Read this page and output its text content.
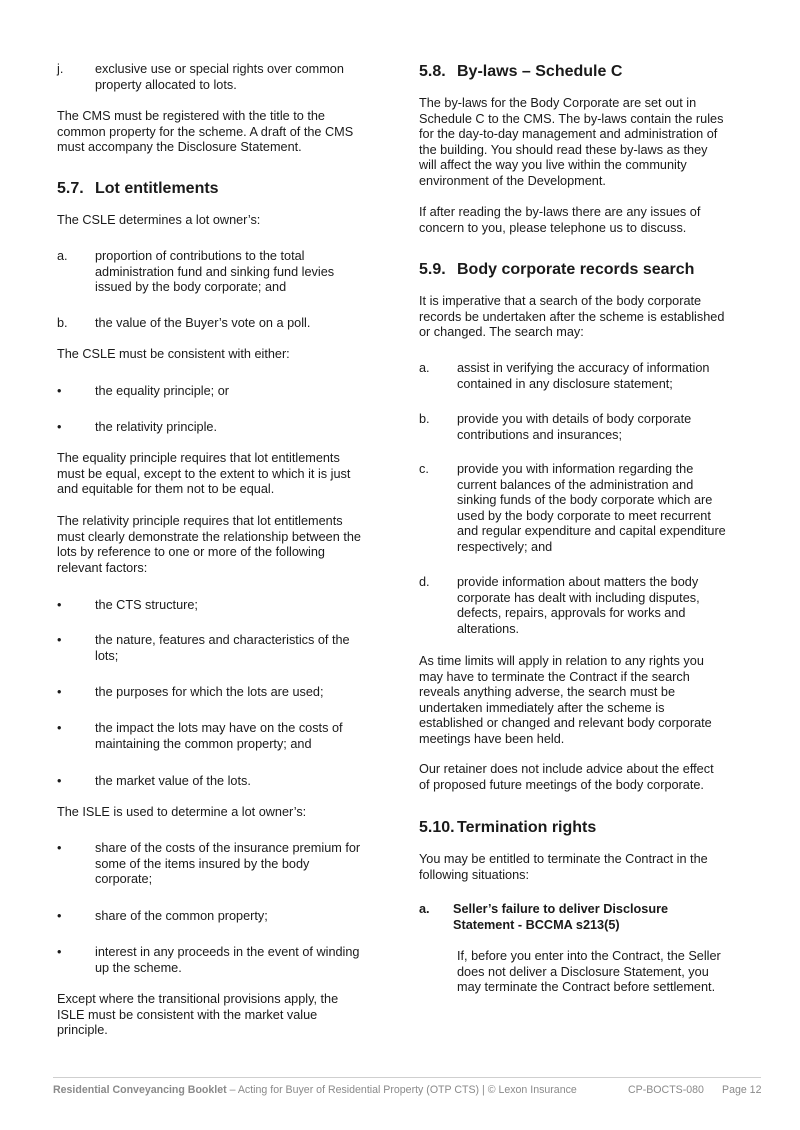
j. exclusive use or special rights over common
property allocated to lots.

The CMS must be registered with the title to the
common property for the scheme. A draft of the CMS
must accompany the Disclosure Statement.

5.7. Lot entitlements

The CSLE determines a lot owner’s:

a. proportion of contributions to the total
administration fund and sinking fund levies
issued by the body corporate; and
b. the value of the Buyer’s vote on a poll.

The CSLE must be consistent with either:

•	the equality principle; or
•	the relativity principle.

The equality principle requires that lot entitlements
must be equal, except to the extent to which it is just
and equitable for them not to be equal.

The relativity principle requires that lot entitlements
must clearly demonstrate the relationship between the
lots by reference to one or more of the following
relevant factors:

•	the CTS structure;
•	the nature, features and characteristics of the
lots;
•	the purposes for which the lots are used;
•	the impact the lots may have on the costs of
maintaining the common property; and
•	the market value of the lots.

The ISLE is used to determine a lot owner’s:

•	share of the costs of the insurance premium for
some of the items insured by the body
corporate;
•	share of the common property;
•	interest in any proceeds in the event of winding
up the scheme.

Except where the transitional provisions apply, the
ISLE must be consistent with the market value
principle.

5.8. By-laws – Schedule C

The by-laws for the Body Corporate are set out in
Schedule C to the CMS. The by-laws contain the rules
for the day-to-day management and administration of
the building. You should read these by-laws as they
will affect the way you live within the community
environment of the Development.

If after reading the by-laws there are any issues of
concern to you, please telephone us to discuss.

5.9. Body corporate records search

It is imperative that a search of the body corporate
records be undertaken after the scheme is established
or changed. The search may:

a. assist in verifying the accuracy of information
contained in any disclosure statement;
b. provide you with details of body corporate
contributions and insurances;
c. provide you with information regarding the
current balances of the administration and
sinking funds of the body corporate which are
used by the body corporate to meet recurrent
and regular expenditure and capital expenditure
respectively; and
d. provide information about matters the body
corporate has dealt with including disputes,
defects, repairs, approvals for works and
alterations.

As time limits will apply in relation to any rights you
may have to terminate the Contract if the search
reveals anything adverse, the search must be
undertaken immediately after the scheme is
established or changed and relevant body corporate
meetings have been held.

Our retainer does not include advice about the effect
of proposed future meetings of the body corporate.

5.10. Termination rights

You may be entitled to terminate the Contract in the
following situations:

a. Seller’s failure to deliver Disclosure
Statement - BCCMA s213(5)

If, before you enter into the Contract, the Seller
does not deliver a Disclosure Statement, you
may terminate the Contract before settlement.

Residential Conveyancing Booklet – Acting for Buyer of Residential Property (OTP CTS) | © Lexon Insurance	CP-BOCTS-080 Page 12
